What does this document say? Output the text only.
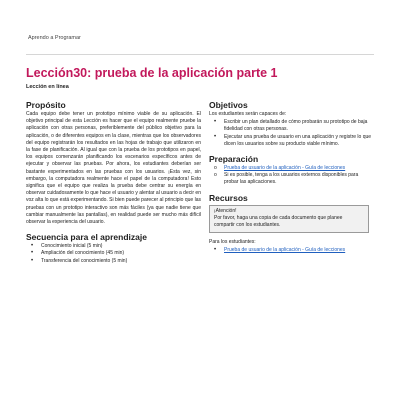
Aprendo a Programar
Lección30: prueba de la aplicación parte 1
Lección en línea
Propósito

Cada equipo debe tener un prototipo mínimo viable de su aplicación. El objetivo principal de esta Lección es hacer que el equipo realmente pruebe la aplicación con otras personas, preferiblemente del público objetivo para la aplicación, o de diferentes equipos en la clase, mientras que los observadores del equipo registrarán los resultados en las hojas de trabajo que utilizaron en la fase de planificación. Al igual que con la prueba de los prototipos en papel, los equipos comenzarán planificando los escenarios específicos antes de ejecutar y observar las pruebas. Por ahora, los estudiantes deberían ser bastante experimentados en las pruebas con los usuarios. ¡Esta vez, sin embargo, la computadora realmente hace el papel de la computadora! Esto significa que el equipo que realiza la prueba debe centrar su energía en observar cuidadosamente lo que hace el usuario y alentar al usuario a decir en voz alta lo que está experimentando. Si bien puede parecer al principio que las pruebas con un prototipo interactivo son más fáciles (ya que nadie tiene que cambiar manualmente las pantallas), en realidad puede ser mucho más difícil observar la experiencia del usuario.

Secuencia para el aprendizaje
• Conocimiento inicial (5 min)
• Ampliación del conocimiento (45 min)
• Transferencia del conocimiento (5 min)
Objetivos

Los estudiantes serán capaces de:

• Escribir un plan detallado de cómo probarán su prototipo de baja fidelidad con otras personas.
• Ejecutar una prueba de usuario en una aplicación y registre lo que dicen los usuarios sobre su producto viable mínimo.
Preparación
o Prueba de usuario de la aplicación - Guía de lecciones
o Si es posible, tenga a los usuarios externos disponibles para probar las aplicaciones.
Recursos

¡Atención!

Por favor, haga una copia de cada documento que planee compartir con los estudiantes.

Para los estudiantes:

• Prueba de usuario de la aplicación - Guía de lecciones
